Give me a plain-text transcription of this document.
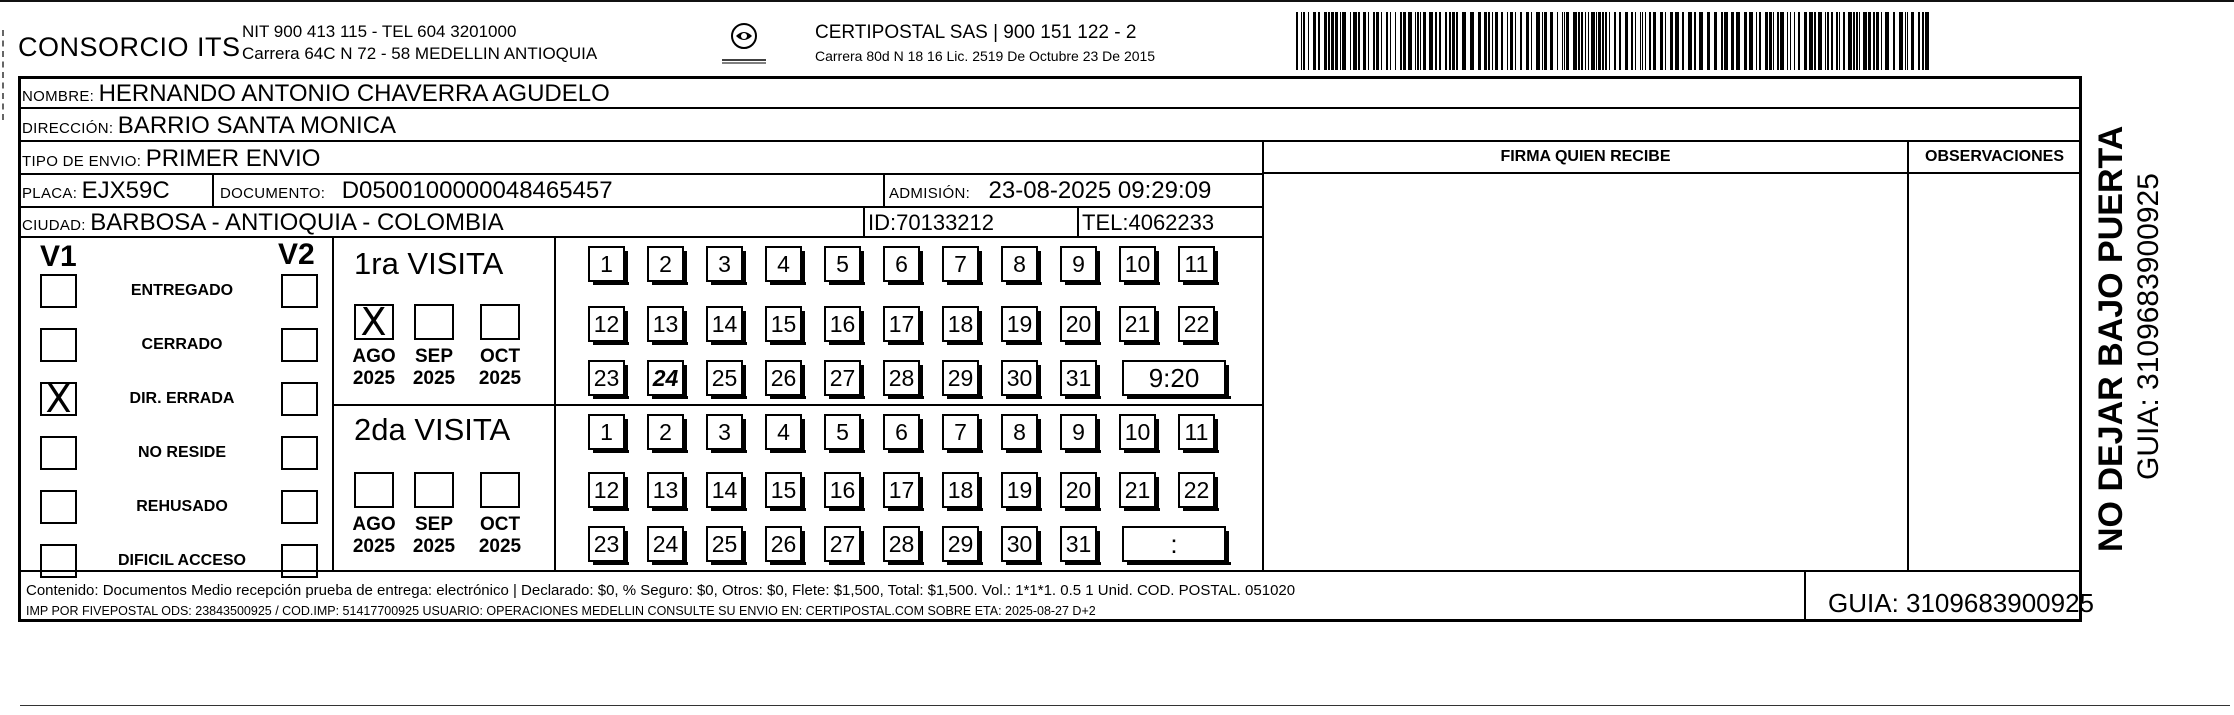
CONSORCIO ITS
NIT 900 413 115 - TEL 604 3201000
Carrera 64C N 72 - 58 MEDELLIN ANTIOQUIA
CERTIPOSTAL SAS | 900 151 122 - 2
Carrera 80d N 18 16 Lic. 2519 De Octubre 23 De 2015
NOMBRE: HERNANDO ANTONIO CHAVERRA AGUDELO
DIRECCIÓN: BARRIO SANTA MONICA
TIPO DE ENVIO: PRIMER ENVIO	FIRMA QUIEN RECIBE	OBSERVACIONES
PLACA: EJX59C	DOCUMENTO: D0500100000048465457	ADMISIÓN: 23-08-2025 09:29:09
CIUDAD: BARBOSA - ANTIOQUIA - COLOMBIA	ID:70133212	TEL:4062233
V1	V2
ENTREGADO
CERRADO
X	DIR. ERRADA
NO RESIDE
REHUSADO
DIFICIL ACCESO
1ra VISITA
X
AGO
2025
SEP
2025
OCT
2025
1	2	3	4	5	6	7	8	9	10 11
12 13 14 15 16 17 18 19 20 21 22
23 24 25 26 27 28 29 30 31	9:20
2da VISITA
AGO
2025
SEP
2025
OCT
2025
1	2	3	4	5	6	7	8	9	10 11
12 13 14 15 16 17 18 19 20 21 22
23 24 25 26 27 28 29 30 31	:
Contenido: Documentos Medio recepción prueba de entrega: electrónico | Declarado: $0, % Seguro: $0, Otros: $0, Flete: $1,500, Total: $1,500. Vol.: 1*1*1. 0.5 1 Unid. COD. POSTAL. 051020
IMP POR FIVEPOSTAL ODS: 23843500925 / COD.IMP: 51417700925 USUARIO: OPERACIONES MEDELLIN CONSULTE SU ENVIO EN: CERTIPOSTAL.COM SOBRE ETA: 2025-08-27 D+2	GUIA: 3109683900925
NO DEJAR BAJO PUERTA GUIA: 3109683900925
